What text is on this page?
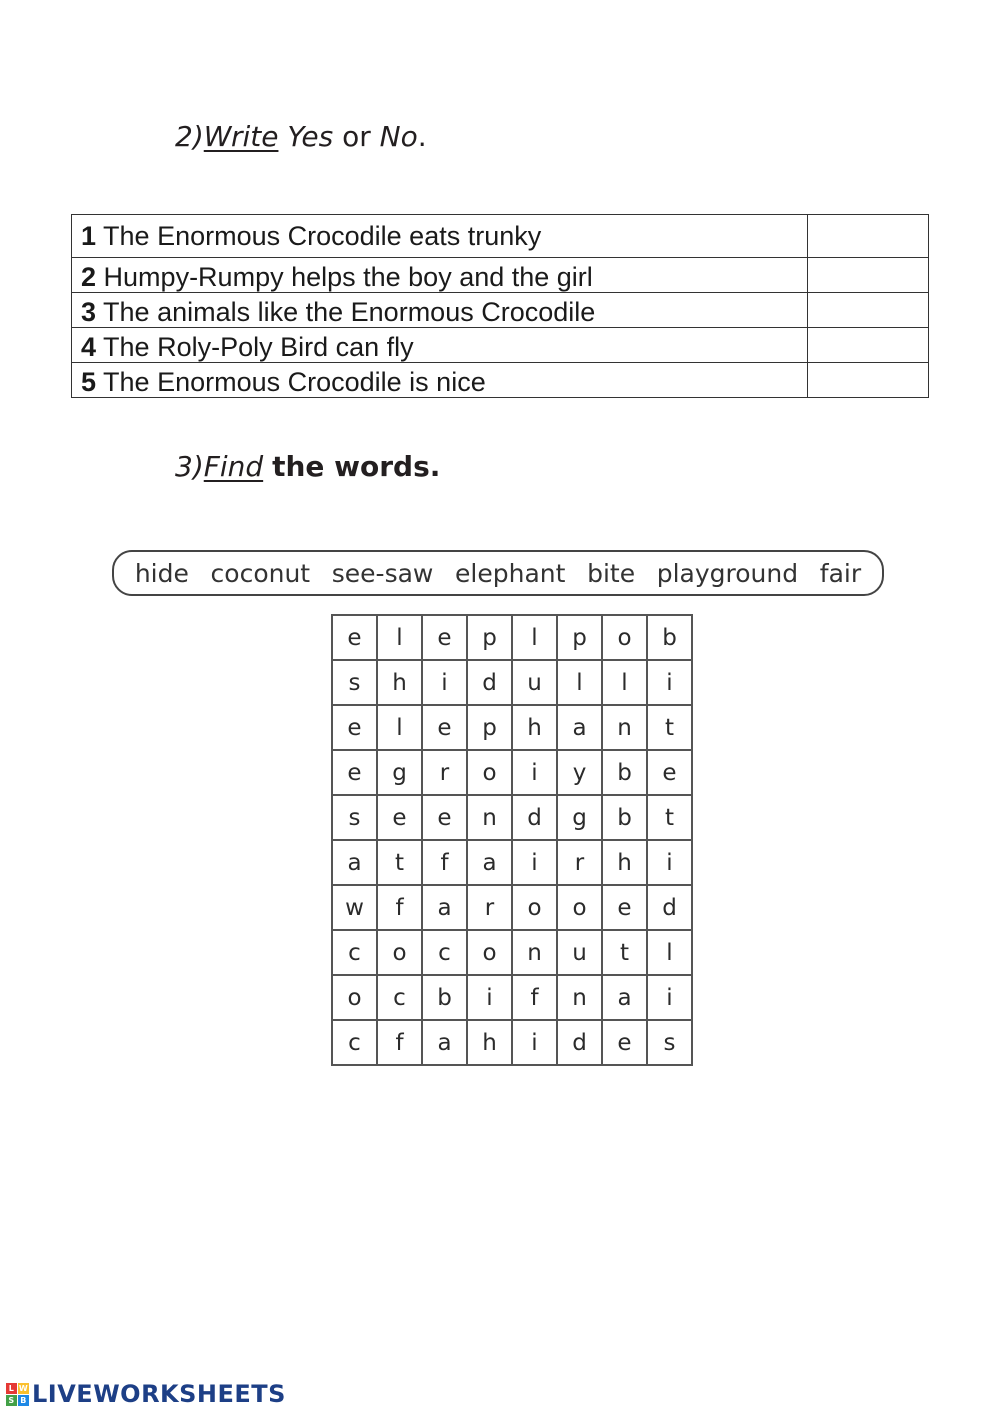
2)Write Yes or No.
1 The Enormous Crocodile eats trunky	
2 Humpy-Rumpy helps the boy and the girl	
3 The animals like the Enormous Crocodile	
4 The Roly-Poly Bird can fly	
5 The Enormous Crocodile is nice	
3)Find the words.
hide coconut see-saw elephant bite playground fair
e	l	e	p	l	p	o	b
s	h	i	d	u	l	l	i
e	l	e	p	h	a	n	t
e	g	r	o	i	y	b	e
s	e	e	n	d	g	b	t
a	t	f	a	i	r	h	i
w	f	a	r	o	o	e	d
c	o	c	o	n	u	t	l
o	c	b	i	f	n	a	i
c	f	a	h	i	d	e	s
L W
S B LIVEWORKSHEETS
